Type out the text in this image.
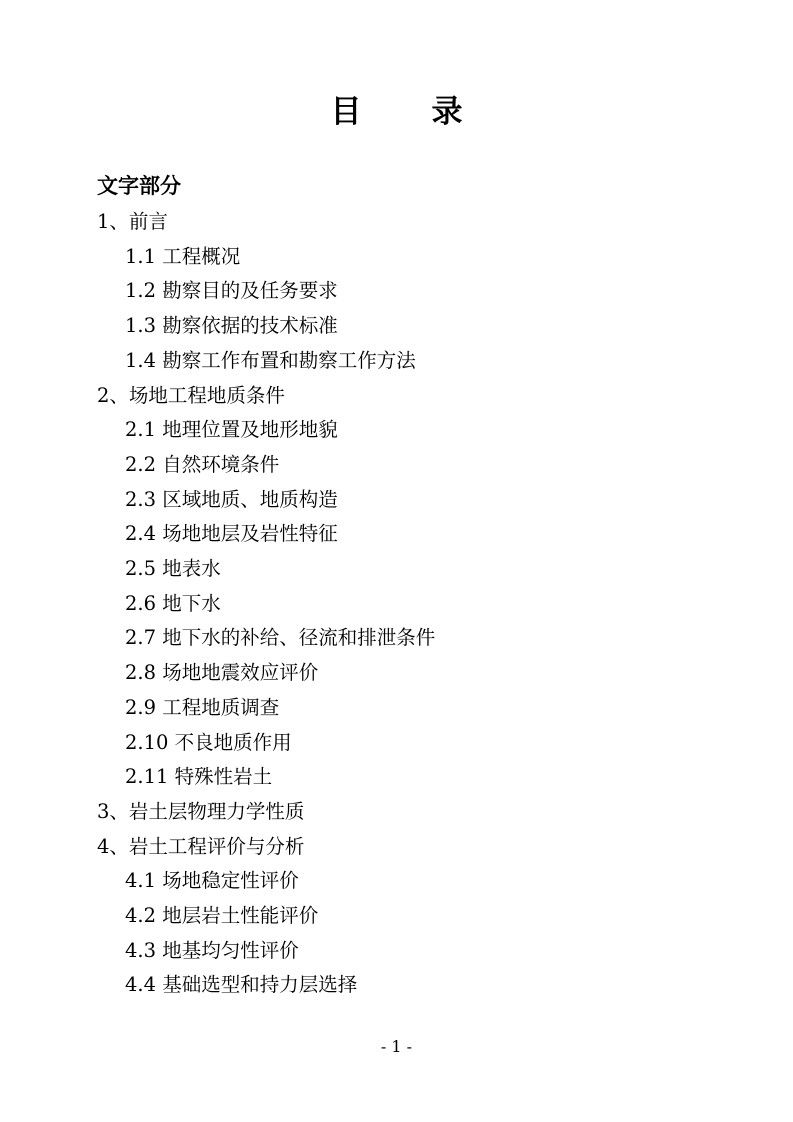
目 录
文字部分
1、前言
1.1 工程概况
1.2 勘察目的及任务要求
1.3 勘察依据的技术标准
1.4 勘察工作布置和勘察工作方法
2、场地工程地质条件
2.1 地理位置及地形地貌
2.2 自然环境条件
2.3 区域地质、地质构造
2.4 场地地层及岩性特征
2.5 地表水
2.6 地下水
2.7 地下水的补给、径流和排泄条件
2.8 场地地震效应评价
2.9 工程地质调查
2.10 不良地质作用
2.11 特殊性岩土
3、岩土层物理力学性质
4、岩土工程评价与分析
4.1 场地稳定性评价
4.2 地层岩土性能评价
4.3 地基均匀性评价
4.4 基础选型和持力层选择
- 1 -
